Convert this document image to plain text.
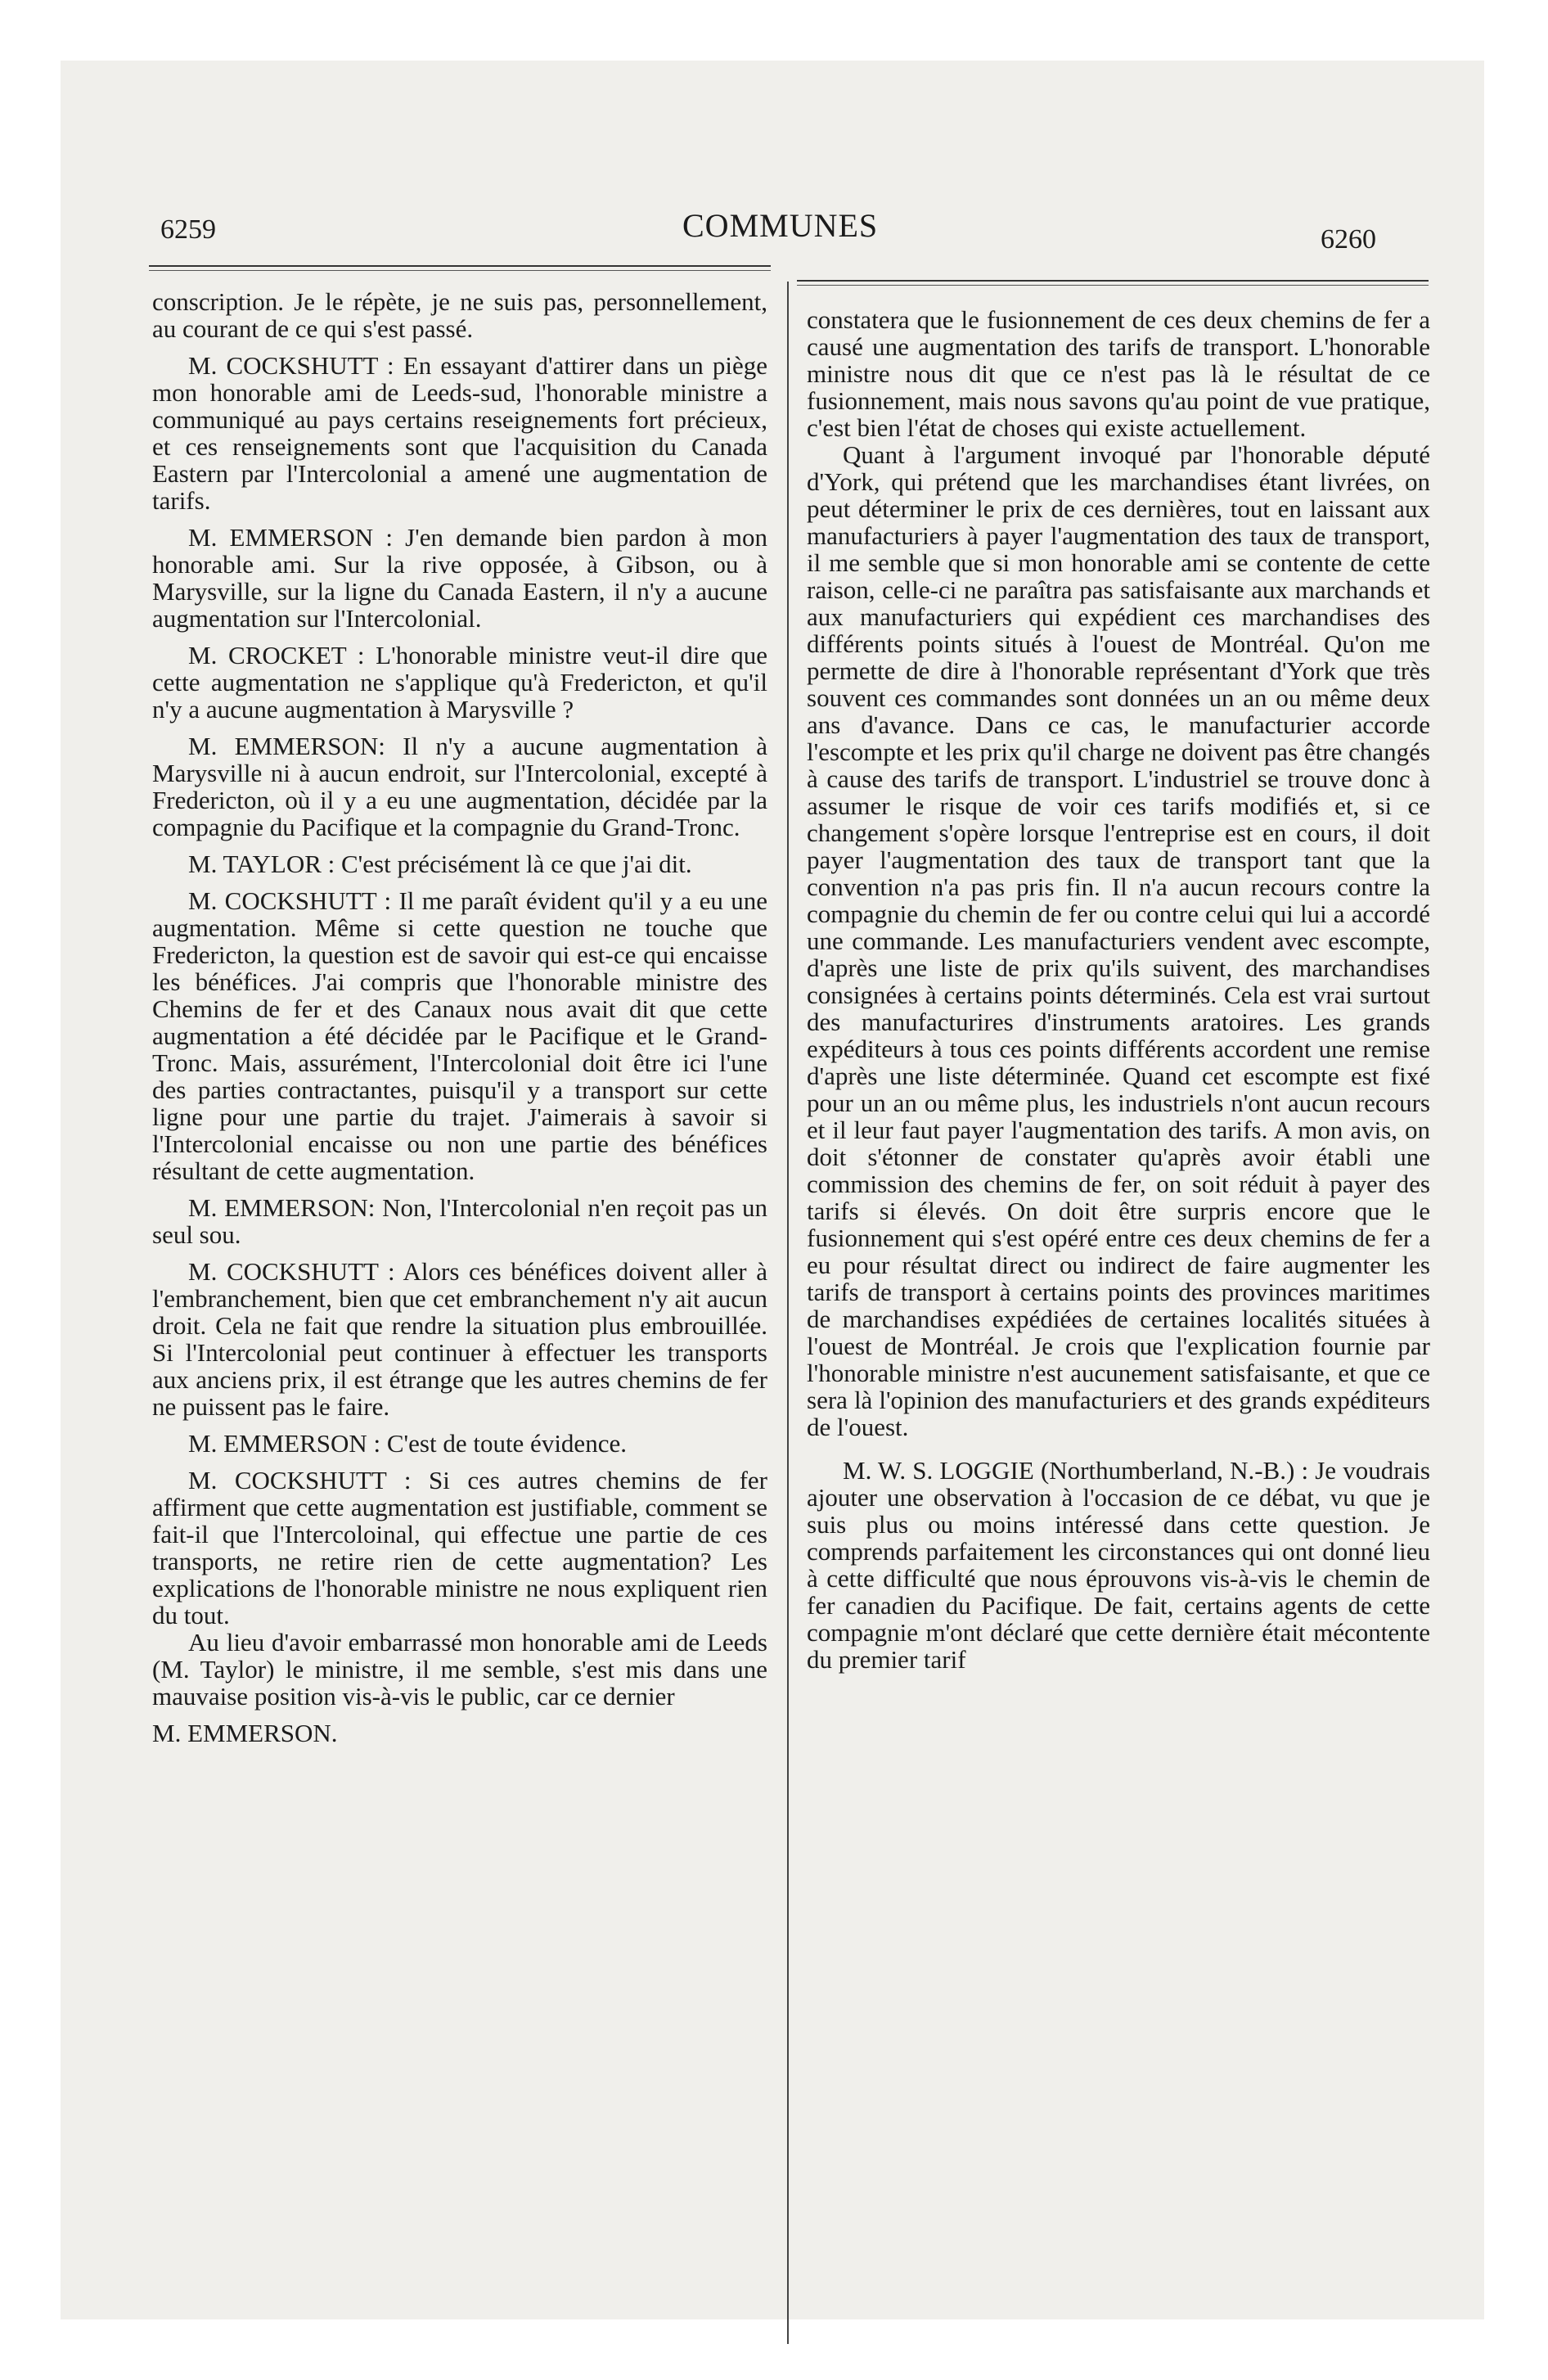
6259	COMMUNES	6260

conscription. Je le répète, je ne suis pas, personnellement, au courant de ce qui s'est passé.

M. COCKSHUTT : En essayant d'attirer dans un piège mon honorable ami de Leeds-sud, l'honorable ministre a communiqué au pays certains reseignements fort précieux, et ces renseignements sont que l'acquisition du Canada Eastern par l'Intercolonial a amené une augmentation de tarifs.

M. EMMERSON : J'en demande bien pardon à mon honorable ami. Sur la rive opposée, à Gibson, ou à Marysville, sur la ligne du Canada Eastern, il n'y a aucune augmentation sur l'Intercolonial.

M. CROCKET : L'honorable ministre veut-il dire que cette augmentation ne s'applique qu'à Fredericton, et qu'il n'y a aucune augmentation à Marysville ?

M. EMMERSON: Il n'y a aucune augmentation à Marysville ni à aucun endroit, sur l'Intercolonial, excepté à Fredericton, où il y a eu une augmentation, décidée par la compagnie du Pacifique et la compagnie du Grand-Tronc.

M. TAYLOR : C'est précisément là ce que j'ai dit.

M. COCKSHUTT : Il me paraît évident qu'il y a eu une augmentation. Même si cette question ne touche que Fredericton, la question est de savoir qui est-ce qui encaisse les bénéfices. J'ai compris que l'honorable ministre des Chemins de fer et des Canaux nous avait dit que cette augmentation a été décidée par le Pacifique et le Grand-Tronc. Mais, assurément, l'Intercolonial doit être ici l'une des parties contractantes, puisqu'il y a transport sur cette ligne pour une partie du trajet. J'aimerais à savoir si l'Intercolonial encaisse ou non une partie des bénéfices résultant de cette augmentation.

M. EMMERSON: Non, l'Intercolonial n'en reçoit pas un seul sou.

M. COCKSHUTT : Alors ces bénéfices doivent aller à l'embranchement, bien que cet embranchement n'y ait aucun droit. Cela ne fait que rendre la situation plus embrouillée. Si l'Intercolonial peut continuer à effectuer les transports aux anciens prix, il est étrange que les autres chemins de fer ne puissent pas le faire.

M. EMMERSON : C'est de toute évidence.

M. COCKSHUTT : Si ces autres chemins de fer affirment que cette augmentation est justifiable, comment se fait-il que l'Intercoloinal, qui effectue une partie de ces transports, ne retire rien de cette augmentation? Les explications de l'honorable ministre ne nous expliquent rien du tout.

Au lieu d'avoir embarrassé mon honorable ami de Leeds (M. Taylor) le ministre, il me semble, s'est mis dans une mauvaise position vis-à-vis le public, car ce dernier

M. EMMERSON.

constatera que le fusionnement de ces deux chemins de fer a causé une augmentation des tarifs de transport. L'honorable ministre nous dit que ce n'est pas là le résultat de ce fusionnement, mais nous savons qu'au point de vue pratique, c'est bien l'état de choses qui existe actuellement.

Quant à l'argument invoqué par l'honorable député d'York, qui prétend que les marchandises étant livrées, on peut déterminer le prix de ces dernières, tout en laissant aux manufacturiers à payer l'augmentation des taux de transport, il me semble que si mon honorable ami se contente de cette raison, celle-ci ne paraîtra pas satisfaisante aux marchands et aux manufacturiers qui expédient ces marchandises des différents points situés à l'ouest de Montréal. Qu'on me permette de dire à l'honorable représentant d'York que très souvent ces commandes sont données un an ou même deux ans d'avance. Dans ce cas, le manufacturier accorde l'escompte et les prix qu'il charge ne doivent pas être changés à cause des tarifs de transport. L'industriel se trouve donc à assumer le risque de voir ces tarifs modifiés et, si ce changement s'opère lorsque l'entreprise est en cours, il doit payer l'augmentation des taux de transport tant que la convention n'a pas pris fin. Il n'a aucun recours contre la compagnie du chemin de fer ou contre celui qui lui a accordé une commande. Les manufacturiers vendent avec escompte, d'après une liste de prix qu'ils suivent, des marchandises consignées à certains points déterminés. Cela est vrai surtout des manufacturires d'instruments aratoires. Les grands expéditeurs à tous ces points différents accordent une remise d'après une liste déterminée. Quand cet escompte est fixé pour un an ou même plus, les industriels n'ont aucun recours et il leur faut payer l'augmentation des tarifs. A mon avis, on doit s'étonner de constater qu'après avoir établi une commission des chemins de fer, on soit réduit à payer des tarifs si élevés. On doit être surpris encore que le fusionnement qui s'est opéré entre ces deux chemins de fer a eu pour résultat direct ou indirect de faire augmenter les tarifs de transport à certains points des provinces maritimes de marchandises expédiées de certaines localités situées à l'ouest de Montréal. Je crois que l'explication fournie par l'honorable ministre n'est aucunement satisfaisante, et que ce sera là l'opinion des manufacturiers et des grands expéditeurs de l'ouest.

M. W. S. LOGGIE (Northumberland, N.-B.) : Je voudrais ajouter une observation à l'occasion de ce débat, vu que je suis plus ou moins intéressé dans cette question. Je comprends parfaitement les circonstances qui ont donné lieu à cette difficulté que nous éprouvons vis-à-vis le chemin de fer canadien du Pacifique. De fait, certains agents de cette compagnie m'ont déclaré que cette dernière était mécontente du premier tarif
